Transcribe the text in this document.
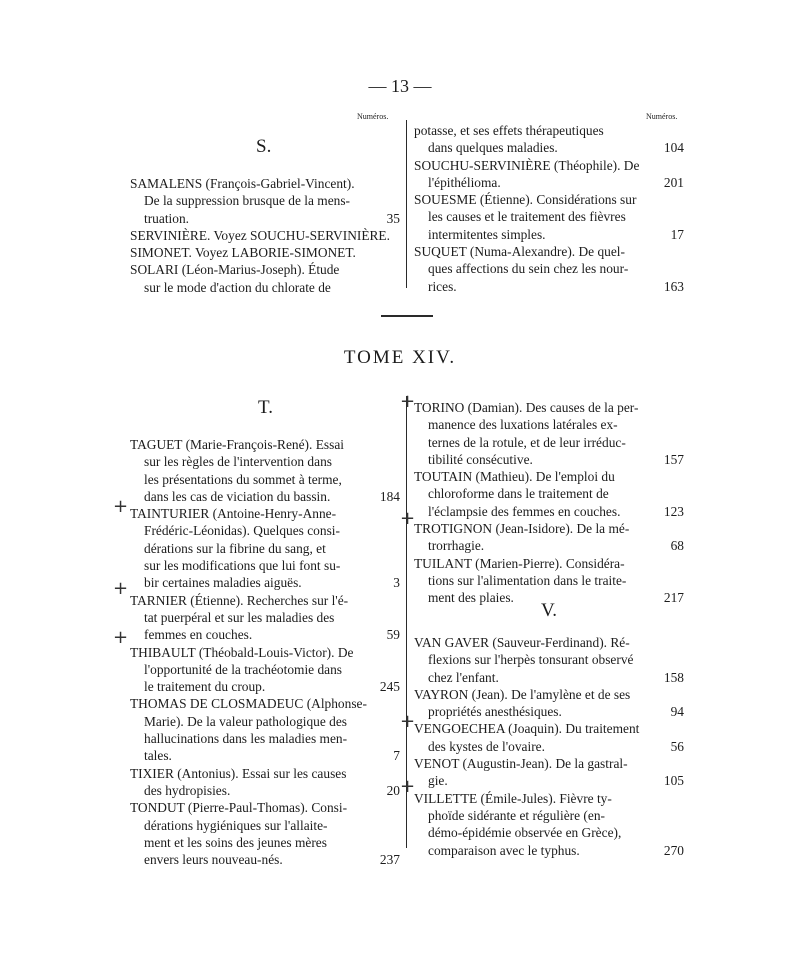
— 13 —
Numéros.	Numéros.
S.
TOME XIV.
T.
V.
+
+
+
+
+
+
+
SAMALENS (François-Gabriel-Vincent).
De la suppression brusque de la mens-
truation.	35
SERVINIÈRE. Voyez SOUCHU-SERVINIÈRE.
SIMONET. Voyez LABORIE-SIMONET.
SOLARI (Léon-Marius-Joseph). Étude
sur le mode d'action du chlorate de
potasse, et ses effets thérapeutiques
dans quelques maladies.	104
SOUCHU-SERVINIÈRE (Théophile). De
l'épithélioma.	201
SOUESME (Étienne). Considérations sur
les causes et le traitement des fièvres
intermitentes simples.	17
SUQUET (Numa-Alexandre). De quel-
ques affections du sein chez les nour-
rices.	163
TAGUET (Marie-François-René). Essai
sur les règles de l'intervention dans
les présentations du sommet à terme,
dans les cas de viciation du bassin.	184
TAINTURIER (Antoine-Henry-Anne-
Frédéric-Léonidas). Quelques consi-
dérations sur la fibrine du sang, et
sur les modifications que lui font su-
bir certaines maladies aiguës.	3
TARNIER (Étienne). Recherches sur l'é-
tat puerpéral et sur les maladies des
femmes en couches.	59
THIBAULT (Théobald-Louis-Victor). De
l'opportunité de la trachéotomie dans
le traitement du croup.	245
THOMAS DE CLOSMADEUC (Alphonse-
Marie). De la valeur pathologique des
hallucinations dans les maladies men-
tales.	7
TIXIER (Antonius). Essai sur les causes
des hydropisies.	20
TONDUT (Pierre-Paul-Thomas). Consi-
dérations hygiéniques sur l'allaite-
ment et les soins des jeunes mères
envers leurs nouveau-nés.	237
TORINO (Damian). Des causes de la per-
manence des luxations latérales ex-
ternes de la rotule, et de leur irréduc-
tibilité consécutive.	157
TOUTAIN (Mathieu). De l'emploi du
chloroforme dans le traitement de
l'éclampsie des femmes en couches.	123
TROTIGNON (Jean-Isidore). De la mé-
trorrhagie.	68
TUILANT (Marien-Pierre). Considéra-
tions sur l'alimentation dans le traite-
ment des plaies.	217
VAN GAVER (Sauveur-Ferdinand). Ré-
flexions sur l'herpès tonsurant observé
chez l'enfant.	158
VAYRON (Jean). De l'amylène et de ses
propriétés anesthésiques.	94
VENGOECHEA (Joaquin). Du traitement
des kystes de l'ovaire.	56
VENOT (Augustin-Jean). De la gastral-
gie.	105
VILLETTE (Émile-Jules). Fièvre ty-
phoïde sidérante et régulière (en-
démo-épidémie observée en Grèce),
comparaison avec le typhus.	270
